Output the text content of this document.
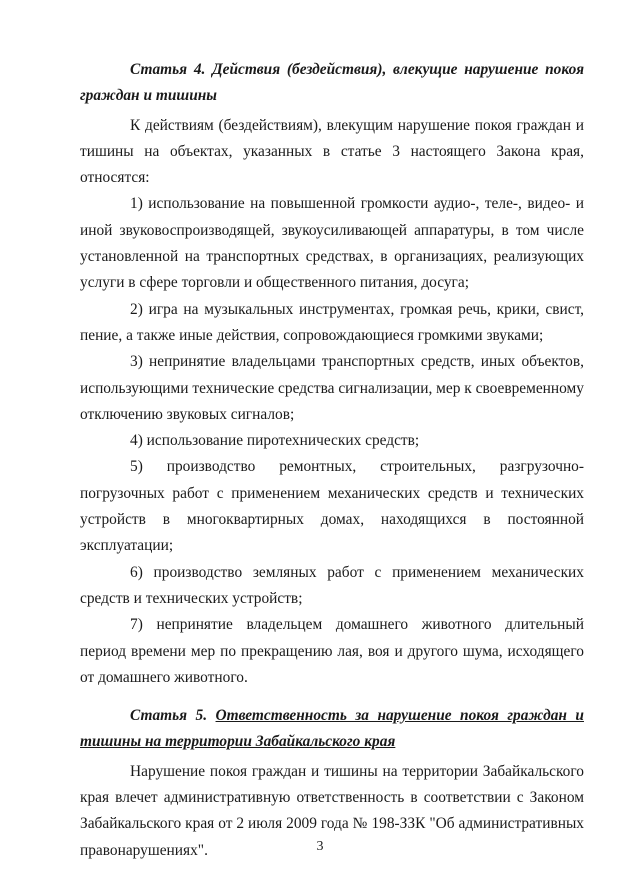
Статья 4. Действия (бездействия), влекущие нарушение покоя граждан и тишины

К действиям (бездействиям), влекущим нарушение покоя граждан и тишины на объектах, указанных в статье 3 настоящего Закона края, относятся:

1) использование на повышенной громкости аудио-, теле-, видео- и иной звуковоспроизводящей, звукоусиливающей аппаратуры, в том числе установленной на транспортных средствах, в организациях, реализующих услуги в сфере торговли и общественного питания, досуга;

2) игра на музыкальных инструментах, громкая речь, крики, свист, пение, а также иные действия, сопровождающиеся громкими звуками;

3) непринятие владельцами транспортных средств, иных объектов, использующими технические средства сигнализации, мер к своевременному отключению звуковых сигналов;

4) использование пиротехнических средств;

5) производство ремонтных, строительных, разгрузочно-погрузочных работ с применением механических средств и технических устройств в многоквартирных домах, находящихся в постоянной эксплуатации;

6) производство земляных работ с применением механических средств и технических устройств;

7) непринятие владельцем домашнего животного длительный период времени мер по прекращению лая, воя и другого шума, исходящего от домашнего животного.

Статья 5. Ответственность за нарушение покоя граждан и тишины на территории Забайкальского края

Нарушение покоя граждан и тишины на территории Забайкальского края влечет административную ответственность в соответствии с Законом Забайкальского края от 2 июля 2009 года № 198-ЗЗК "Об административных правонарушениях".	3
